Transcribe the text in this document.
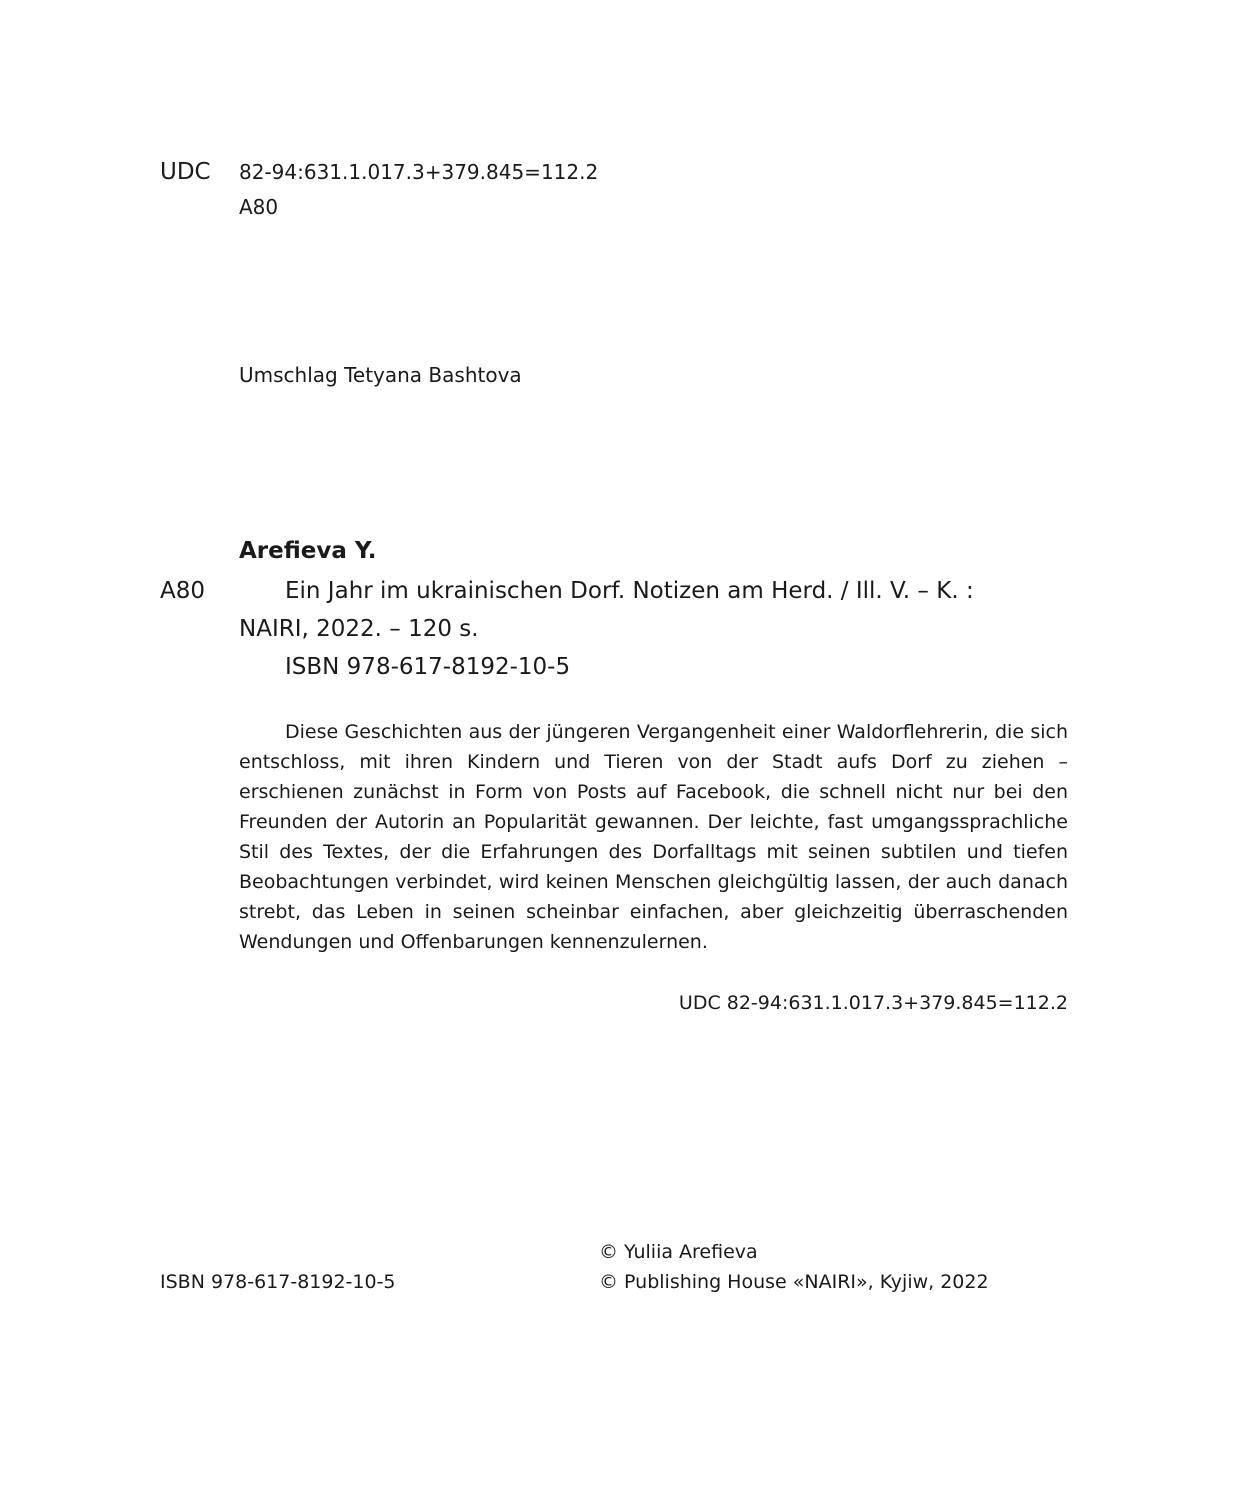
UDC 82-94:631.1.017.3+379.845=112.2
A80
Umschlag Tetyana Bashtova
Arefieva Y.
A80	Ein Jahr im ukrainischen Dorf. Notizen am Herd. / Ill. V. – K. :
NAIRI, 2022. – 120 s.
ISBN 978-617-8192-10-5
Diese Geschichten aus der jüngeren Vergangenheit einer Waldorflehrerin, die sich entschloss, mit ihren Kindern und Tieren von der Stadt aufs Dorf zu ziehen – erschienen zunächst in Form von Posts auf Facebook, die schnell nicht nur bei den Freunden der Autorin an Popularität gewannen. Der leichte, fast umgangssprachliche Stil des Textes, der die Erfahrungen des Dorfalltags mit seinen subtilen und tiefen Beobachtungen verbindet, wird keinen Menschen gleichgültig lassen, der auch danach strebt, das Leben in seinen scheinbar einfachen, aber gleichzeitig überraschenden Wendungen und Offenbarungen kennenzulernen.
UDC 82-94:631.1.017.3+379.845=112.2
ISBN 978-617-8192-10-5
© Yuliia Arefieva
© Publishing House «NAIRI», Kyjiw, 2022
